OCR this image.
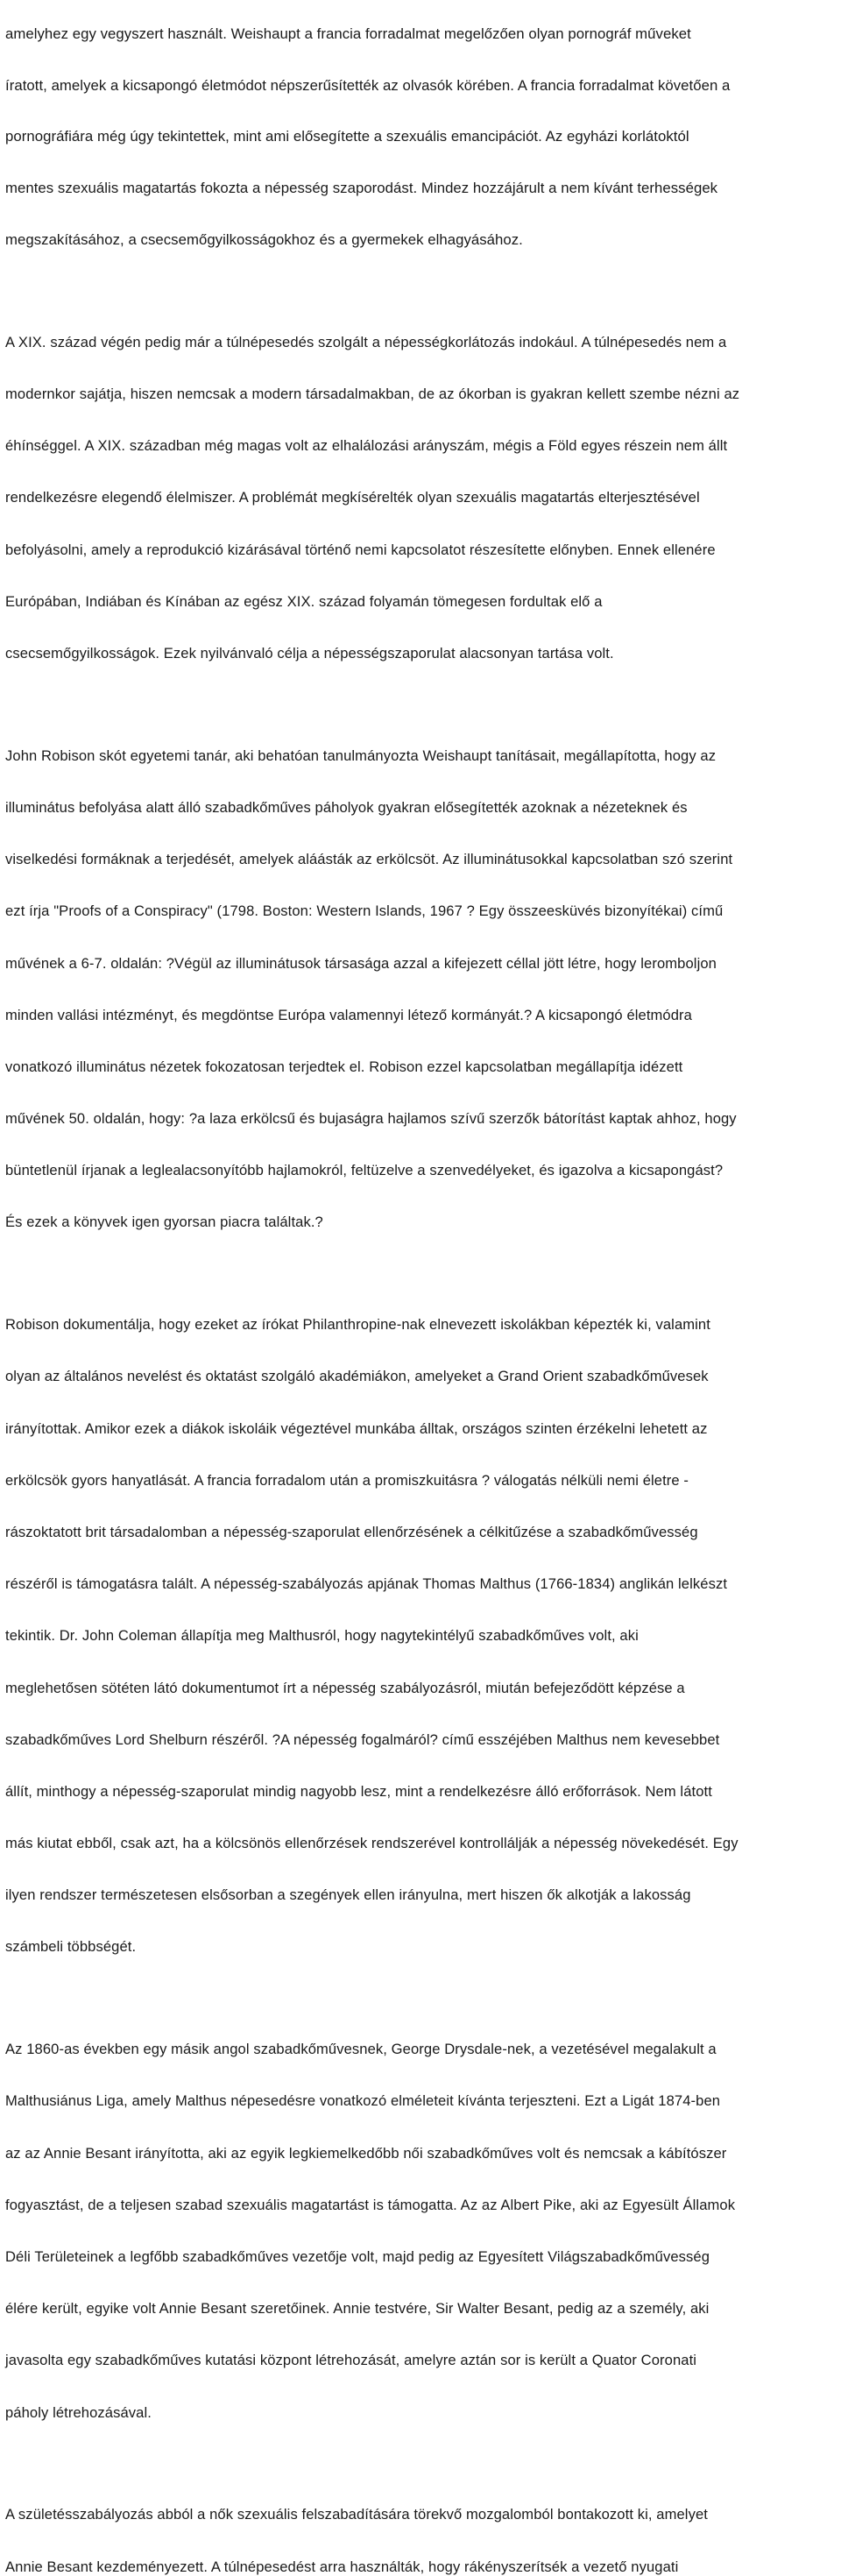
amelyhez egy vegyszert használt. Weishaupt a francia forradalmat megelőzően olyan pornográf műveket

íratott, amelyek a kicsapongó életmódot népszerűsítették az olvasók körében. A francia forradalmat követően a

pornográfiára még úgy tekintettek, mint ami elősegítette a szexuális emancipációt. Az egyházi korlátoktól

mentes szexuális magatartás fokozta a népesség szaporodást. Mindez hozzájárult a nem kívánt terhességek

megszakításához, a csecsemőgyilkosságokhoz és a gyermekek elhagyásához.

A XIX. század végén pedig már a túlnépesedés szolgált a népességkorlátozás indokául. A túlnépesedés nem a

modernkor sajátja, hiszen nemcsak a modern társadalmakban, de az ókorban is gyakran kellett szembe nézni az

éhínséggel. A XIX. században még magas volt az elhalálozási arányszám, mégis a Föld egyes részein nem állt

rendelkezésre elegendő élelmiszer. A problémát megkísérelték olyan szexuális magatartás elterjesztésével

befolyásolni, amely a reprodukció kizárásával történő nemi kapcsolatot részesítette előnyben. Ennek ellenére

Európában, Indiában és Kínában az egész XIX. század folyamán tömegesen fordultak elő a

csecsemőgyilkosságok. Ezek nyilvánvaló célja a népességszaporulat alacsonyan tartása volt.

John Robison skót egyetemi tanár, aki behatóan tanulmányozta Weishaupt tanításait, megállapította, hogy az

illuminátus befolyása alatt álló szabadkőműves páholyok gyakran elősegítették azoknak a nézeteknek és

viselkedési formáknak a terjedését, amelyek aláásták az erkölcsöt. Az illuminátusokkal kapcsolatban szó szerint

ezt írja "Proofs of a Conspiracy" (1798. Boston: Western Islands, 1967 ? Egy összeesküvés bizonyítékai) című

művének a 6-7. oldalán: ?Végül az illuminátusok társasága azzal a kifejezett céllal jött létre, hogy leromboljon

minden vallási intézményt, és megdöntse Európa valamennyi létező kormányát.? A kicsapongó életmódra

vonatkozó illuminátus nézetek fokozatosan terjedtek el. Robison ezzel kapcsolatban megállapítja idézett

művének 50. oldalán, hogy: ?a laza erkölcsű és bujaságra hajlamos szívű szerzők bátorítást kaptak ahhoz, hogy

büntetlenül írjanak a leglealacsonyítóbb hajlamokról, feltüzelve a szenvedélyeket, és igazolva a kicsapongást?

És ezek a könyvek igen gyorsan piacra találtak.?

Robison dokumentálja, hogy ezeket az írókat Philanthropine-nak elnevezett iskolákban képezték ki, valamint

olyan az általános nevelést és oktatást szolgáló akadémiákon, amelyeket a Grand Orient szabadkőművesek

irányítottak. Amikor ezek a diákok iskoláik végeztével munkába álltak, országos szinten érzékelni lehetett az

erkölcsök gyors hanyatlását. A francia forradalom után a promiszkuitásra ? válogatás nélküli nemi életre -

rászoktatott brit társadalomban a népesség-szaporulat ellenőrzésének a célkitűzése a szabadkőművesség

részéről is támogatásra talált. A népesség-szabályozás apjának Thomas Malthus (1766-1834) anglikán lelkészt

tekintik. Dr. John Coleman állapítja meg Malthusról, hogy nagytekintélyű szabadkőműves volt, aki

meglehetősen sötéten látó dokumentumot írt a népesség szabályozásról, miután befejeződött képzése a

szabadkőműves Lord Shelburn részéről. ?A népesség fogalmáról? című esszéjében Malthus nem kevesebbet

állít, minthogy a népesség-szaporulat mindig nagyobb lesz, mint a rendelkezésre álló erőforrások. Nem látott

más kiutat ebből, csak azt, ha a kölcsönös ellenőrzések rendszerével kontrollálják a népesség növekedését. Egy

ilyen rendszer természetesen elsősorban a szegények ellen irányulna, mert hiszen ők alkotják a lakosság

számbeli többségét.

Az 1860-as években egy másik angol szabadkőművesnek, George Drysdale-nek, a vezetésével megalakult a

Malthusiánus Liga, amely Malthus népesedésre vonatkozó elméleteit kívánta terjeszteni. Ezt a Ligát 1874-ben

az az Annie Besant irányította, aki az egyik legkiemelkedőbb női szabadkőműves volt és nemcsak a kábítószer

fogyasztást, de a teljesen szabad szexuális magatartást is támogatta. Az az Albert Pike, aki az Egyesült Államok

Déli Területeinek a legfőbb szabadkőműves vezetője volt, majd pedig az Egyesített Világszabadkőművesség

élére került, egyike volt Annie Besant szeretőinek. Annie testvére, Sir Walter Besant, pedig az a személy, aki

javasolta egy szabadkőműves kutatási központ létrehozását, amelyre aztán sor is került a Quator Coronati

páholy létrehozásával.

A születésszabályozás abból a nők szexuális felszabadítására törekvő mozgalomból bontakozott ki, amelyet

Annie Besant kezdeményezett. A túlnépesedést arra használták, hogy rákényszerítsék a vezető nyugati
